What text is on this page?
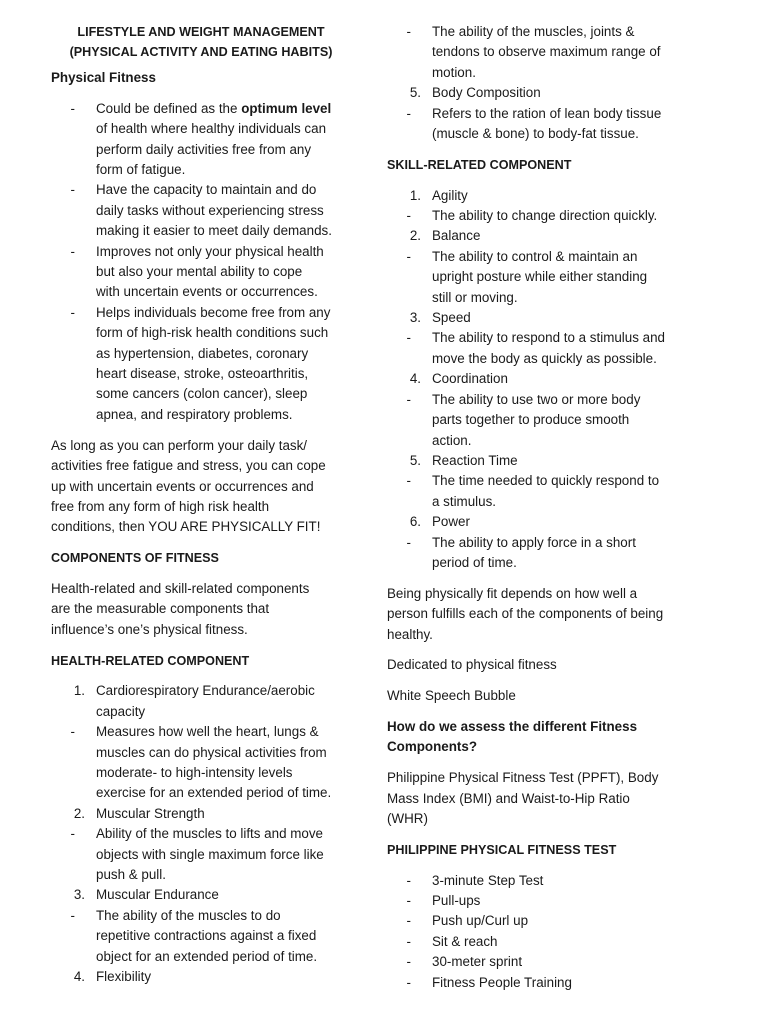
LIFESTYLE AND WEIGHT MANAGEMENT
(PHYSICAL ACTIVITY AND EATING HABITS)
Physical Fitness
- Could be defined as the optimum level
of health where healthy individuals can
perform daily activities free from any
form of fatigue.
- Have the capacity to maintain and do
daily tasks without experiencing stress
making it easier to meet daily demands.
- Improves not only your physical health
but also your mental ability to cope
with uncertain events or occurrences.
- Helps individuals become free from any
form of high-risk health conditions such
as hypertension, diabetes, coronary
heart disease, stroke, osteoarthritis,
some cancers (colon cancer), sleep
apnea, and respiratory problems.
As long as you can perform your daily task/
activities free fatigue and stress, you can cope
up with uncertain events or occurrences and
free from any form of high risk health
conditions, then YOU ARE PHYSICALLY FIT!
COMPONENTS OF FITNESS
Health-related and skill-related components
are the measurable components that
influence’s one’s physical fitness.
HEALTH-RELATED COMPONENT
1. Cardiorespiratory Endurance/aerobic
capacity
- Measures how well the heart, lungs &
muscles can do physical activities from
moderate- to high-intensity levels
exercise for an extended period of time.
2. Muscular Strength
- Ability of the muscles to lifts and move
objects with single maximum force like
push & pull.
3. Muscular Endurance
- The ability of the muscles to do
repetitive contractions against a fixed
object for an extended period of time.
4. Flexibility
- The ability of the muscles, joints &
tendons to observe maximum range of
motion.
5. Body Composition
- Refers to the ration of lean body tissue
(muscle & bone) to body-fat tissue.
SKILL-RELATED COMPONENT
1. Agility
- The ability to change direction quickly.
2. Balance
- The ability to control & maintain an
upright posture while either standing
still or moving.
3. Speed
- The ability to respond to a stimulus and
move the body as quickly as possible.
4. Coordination
- The ability to use two or more body
parts together to produce smooth
action.
5. Reaction Time
- The time needed to quickly respond to
a stimulus.
6. Power
- The ability to apply force in a short
period of time.
Being physically fit depends on how well a
person fulfills each of the components of being
healthy.
Dedicated to physical fitness
White Speech Bubble
How do we assess the different Fitness
Components?
Philippine Physical Fitness Test (PPFT), Body
Mass Index (BMI) and Waist-to-Hip Ratio
(WHR)
PHILIPPINE PHYSICAL FITNESS TEST
- 3-minute Step Test
- Pull-ups
- Push up/Curl up
- Sit & reach
- 30-meter sprint
- Fitness People Training
